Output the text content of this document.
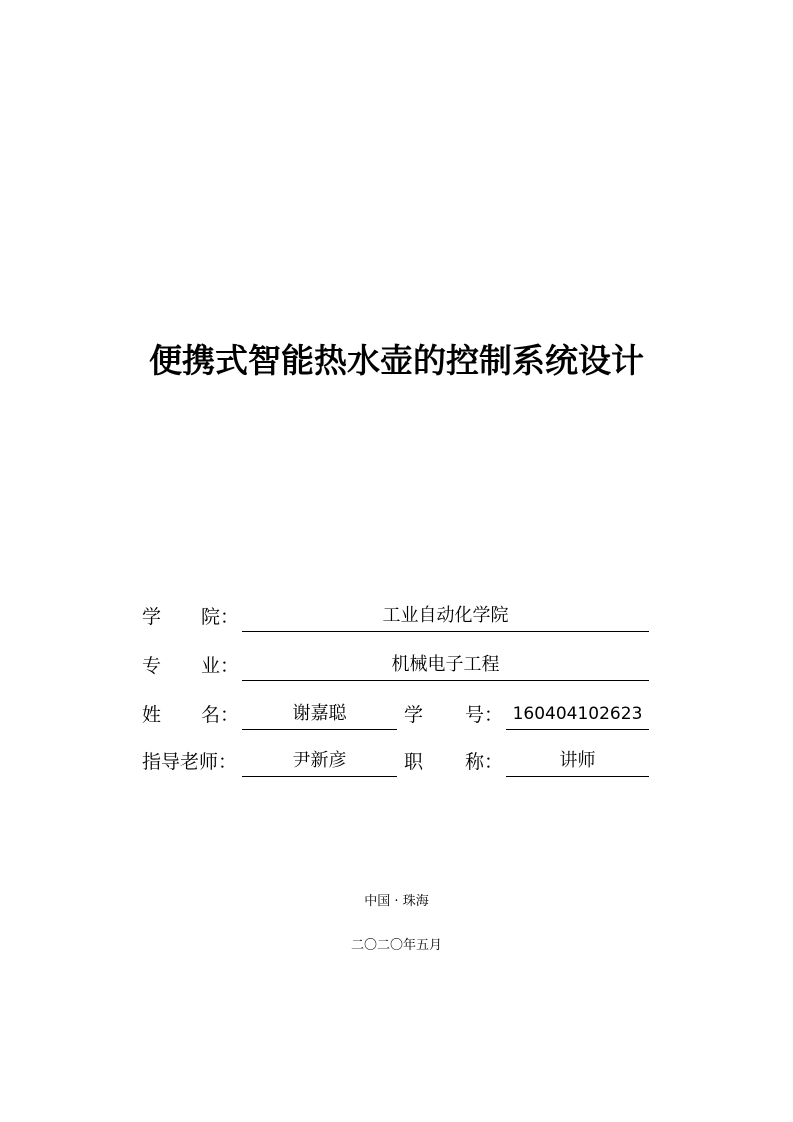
便携式智能热水壶的控制系统设计
学 院：	工业自动化学院
专 业：	机械电子工程
姓 名：	谢嘉聪	学 号： 160404102623
指导老师：	尹新彦	职 称：	讲师
中国 · 珠海
二〇二〇年五月
